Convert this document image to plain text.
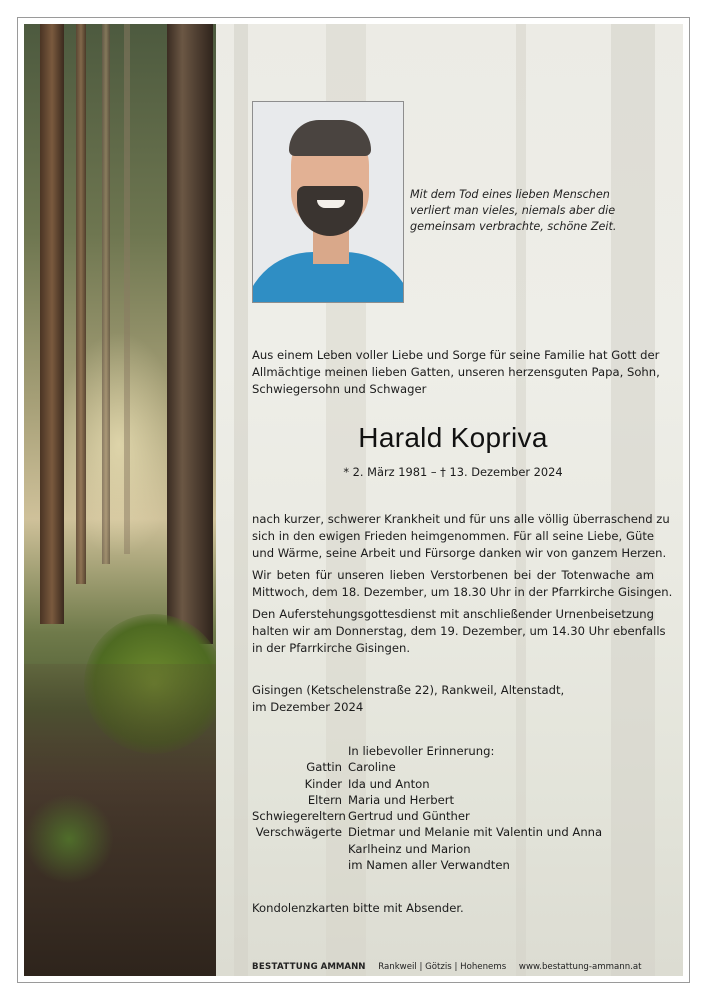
Mit dem Tod eines lieben Menschen
verliert man vieles, niemals aber die
gemeinsam verbrachte, schöne Zeit.
Aus einem Leben voller Liebe und Sorge für seine Familie hat Gott der
Allmächtige meinen lieben Gatten, unseren herzensguten Papa, Sohn,
Schwiegersohn und Schwager
Harald Kopriva
* 2. März 1981 – † 13. Dezember 2024
nach kurzer, schwerer Krankheit und für uns alle völlig überraschend zu
sich in den ewigen Frieden heimgenommen. Für all seine Liebe, Güte
und Wärme, seine Arbeit und Fürsorge danken wir von ganzem Herzen.
Wir beten für unseren lieben Verstorbenen bei der Totenwache am
Mittwoch, dem 18. Dezember, um 18.30 Uhr in der Pfarrkirche Gisingen.
Den Auferstehungsgottesdienst mit anschließender Urnenbeisetzung
halten wir am Donnerstag, dem 19. Dezember, um 14.30 Uhr ebenfalls
in der Pfarrkirche Gisingen.
Gisingen (Ketschelenstraße 22), Rankweil, Altenstadt,
im Dezember 2024
In liebevoller Erinnerung:
Gattin Caroline
Kinder Ida und Anton
Eltern Maria und Herbert
Schwiegereltern Gertrud und Günther
Verschwägerte Dietmar und Melanie mit Valentin und Anna
Karlheinz und Marion
im Namen aller Verwandten
Kondolenzkarten bitte mit Absender.
BESTATTUNG AMMANN Rankweil | Götzis | Hohenems www.bestattung-ammann.at
